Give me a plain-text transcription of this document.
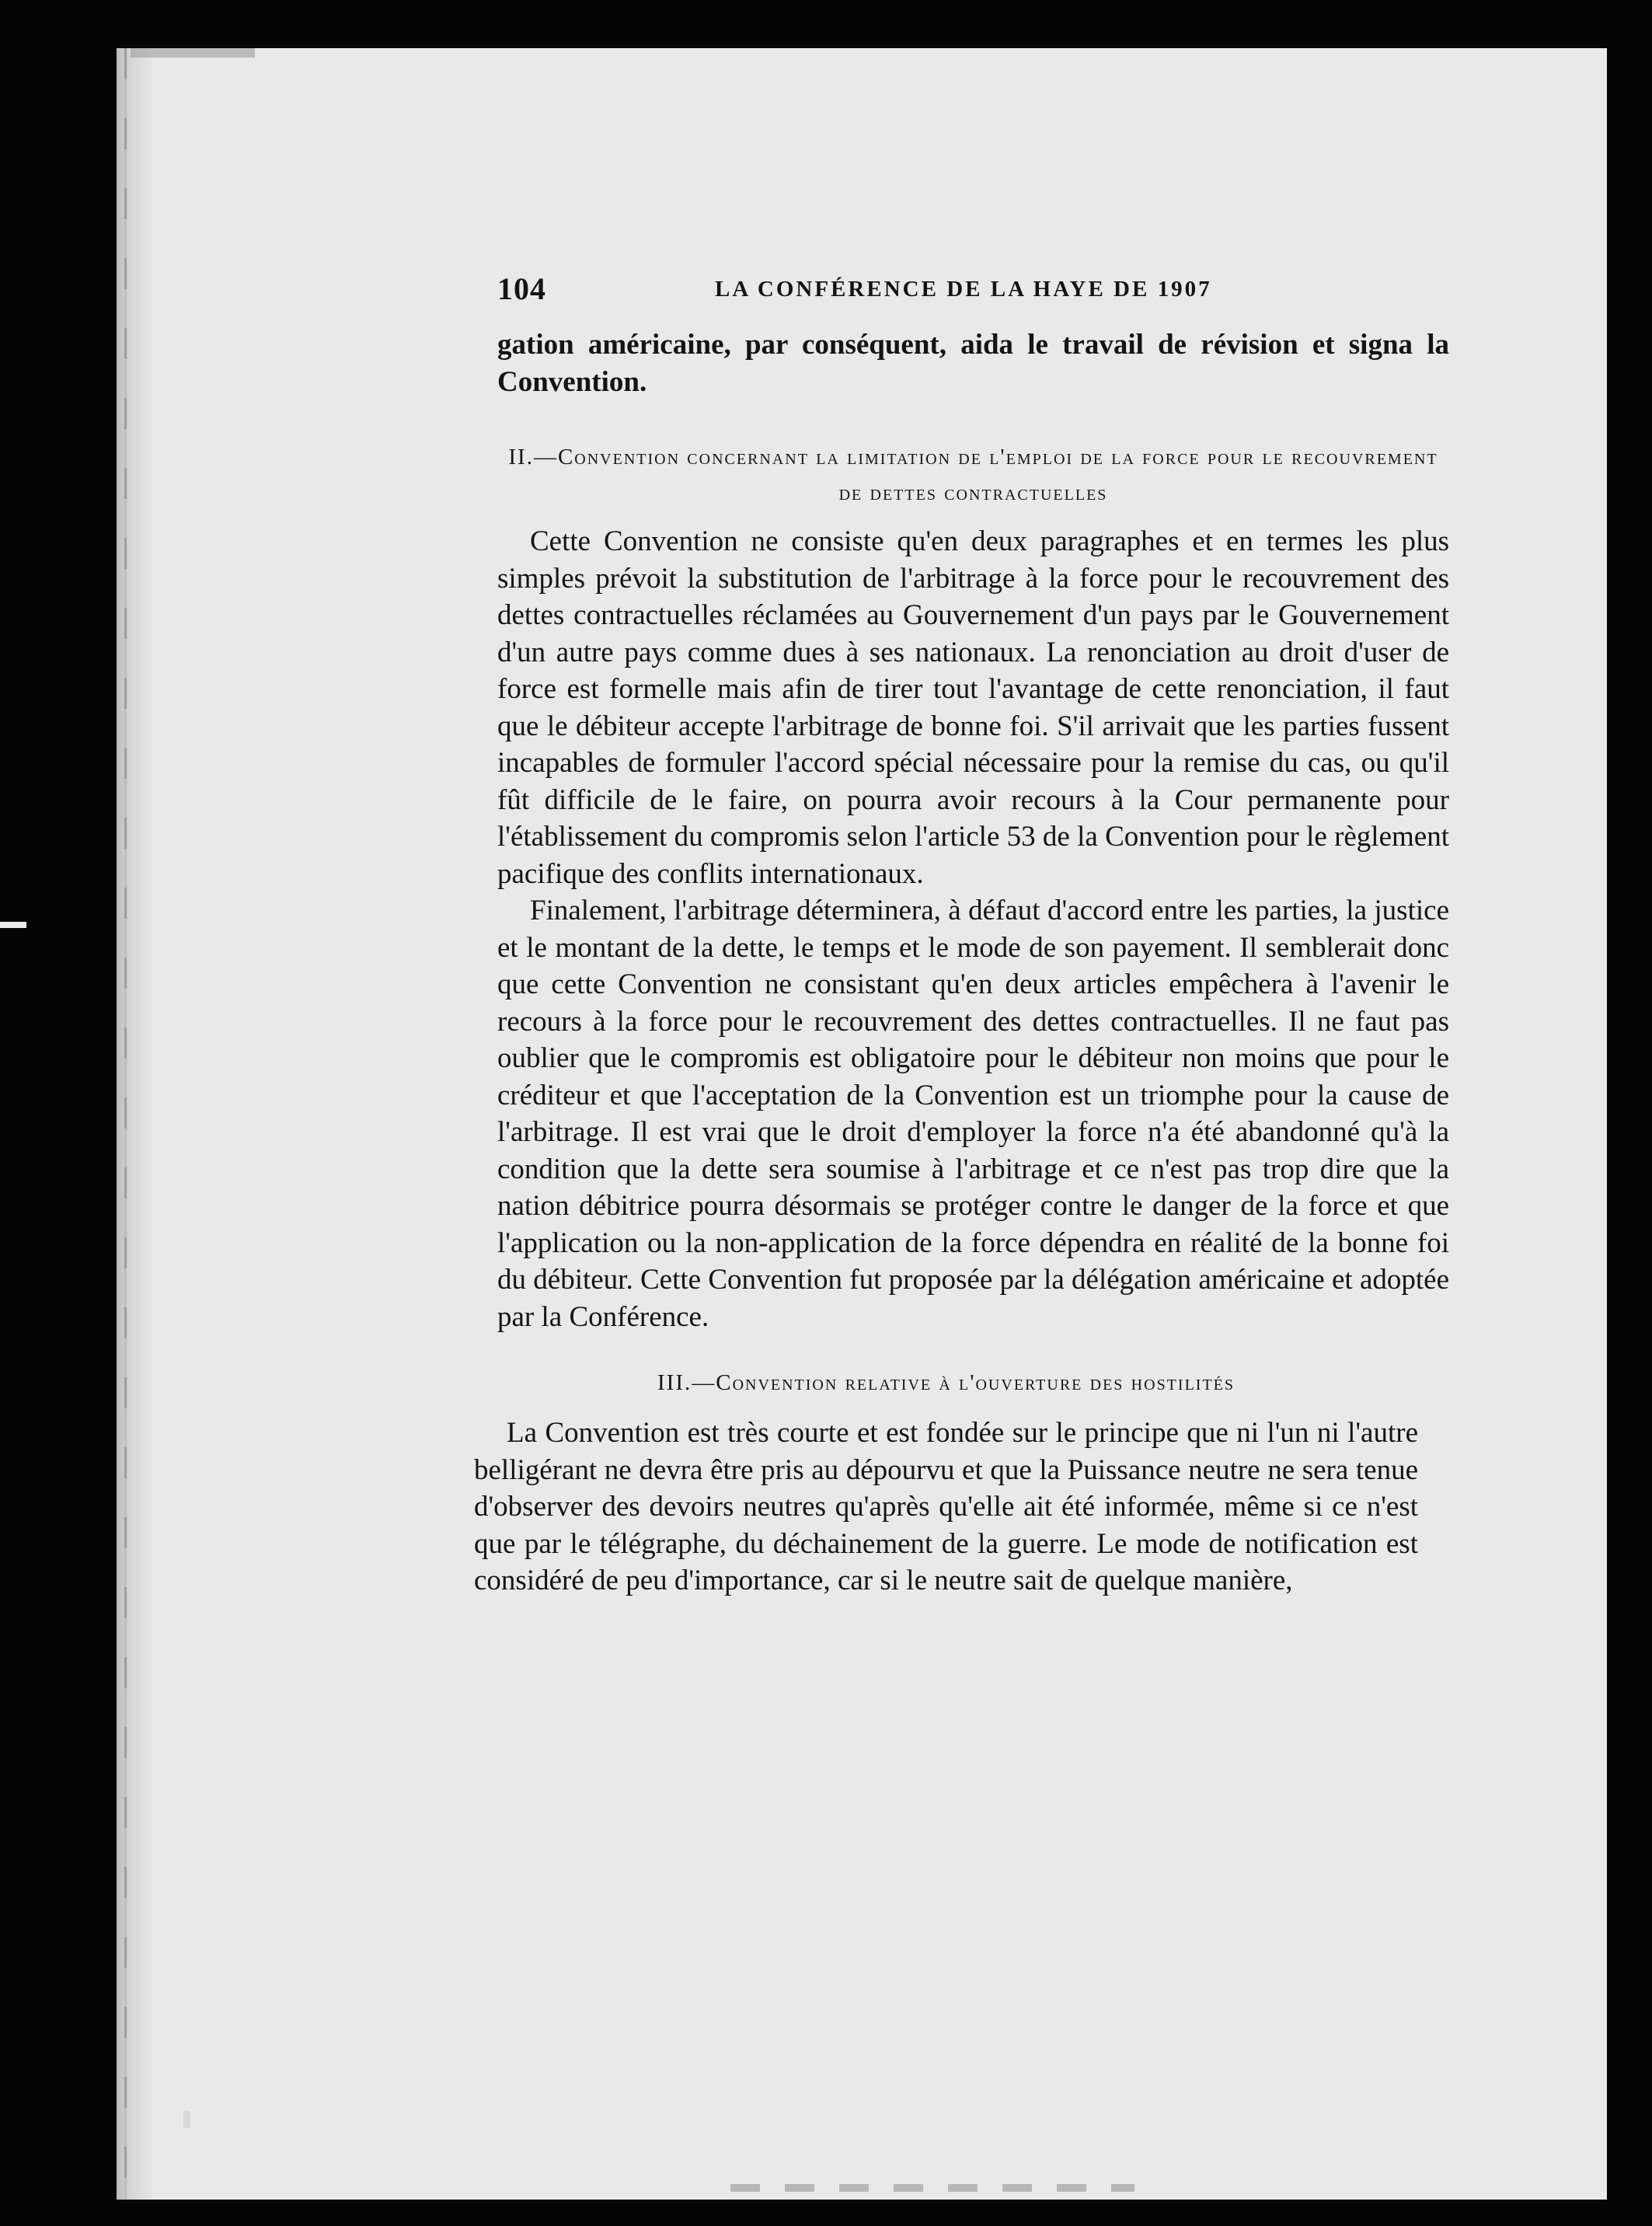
104	LA CONFÉRENCE DE LA HAYE DE 1907

gation américaine, par conséquent, aida le travail de révision et signa la Convention.

II.—Convention concernant la limitation de l'emploi de la force pour le recouvrement de dettes contractuelles

Cette Convention ne consiste qu'en deux paragraphes et en termes les plus simples prévoit la substitution de l'arbitrage à la force pour le recouvrement des dettes contractuelles réclamées au Gouvernement d'un pays par le Gouvernement d'un autre pays comme dues à ses nationaux. La renonciation au droit d'user de force est formelle mais afin de tirer tout l'avantage de cette renonciation, il faut que le débiteur accepte l'arbitrage de bonne foi. S'il arrivait que les parties fussent incapables de formuler l'accord spécial nécessaire pour la remise du cas, ou qu'il fût difficile de le faire, on pourra avoir recours à la Cour permanente pour l'établissement du compromis selon l'article 53 de la Convention pour le règlement pacifique des conflits internationaux.

Finalement, l'arbitrage déterminera, à défaut d'accord entre les parties, la justice et le montant de la dette, le temps et le mode de son payement. Il semblerait donc que cette Convention ne consistant qu'en deux articles empêchera à l'avenir le recours à la force pour le recouvrement des dettes contractuelles. Il ne faut pas oublier que le compromis est obligatoire pour le débiteur non moins que pour le créditeur et que l'acceptation de la Convention est un triomphe pour la cause de l'arbitrage. Il est vrai que le droit d'employer la force n'a été abandonné qu'à la condition que la dette sera soumise à l'arbitrage et ce n'est pas trop dire que la nation débitrice pourra désormais se protéger contre le danger de la force et que l'application ou la non-application de la force dépendra en réalité de la bonne foi du débiteur. Cette Convention fut proposée par la délégation américaine et adoptée par la Conférence.

III.—Convention relative à l'ouverture des hostilités

La Convention est très courte et est fondée sur le principe que ni l'un ni l'autre belligérant ne devra être pris au dépourvu et que la Puissance neutre ne sera tenue d'observer des devoirs neutres qu'après qu'elle ait été informée, même si ce n'est que par le télégraphe, du déchainement de la guerre. Le mode de notification est considéré de peu d'importance, car si le neutre sait de quelque manière,
